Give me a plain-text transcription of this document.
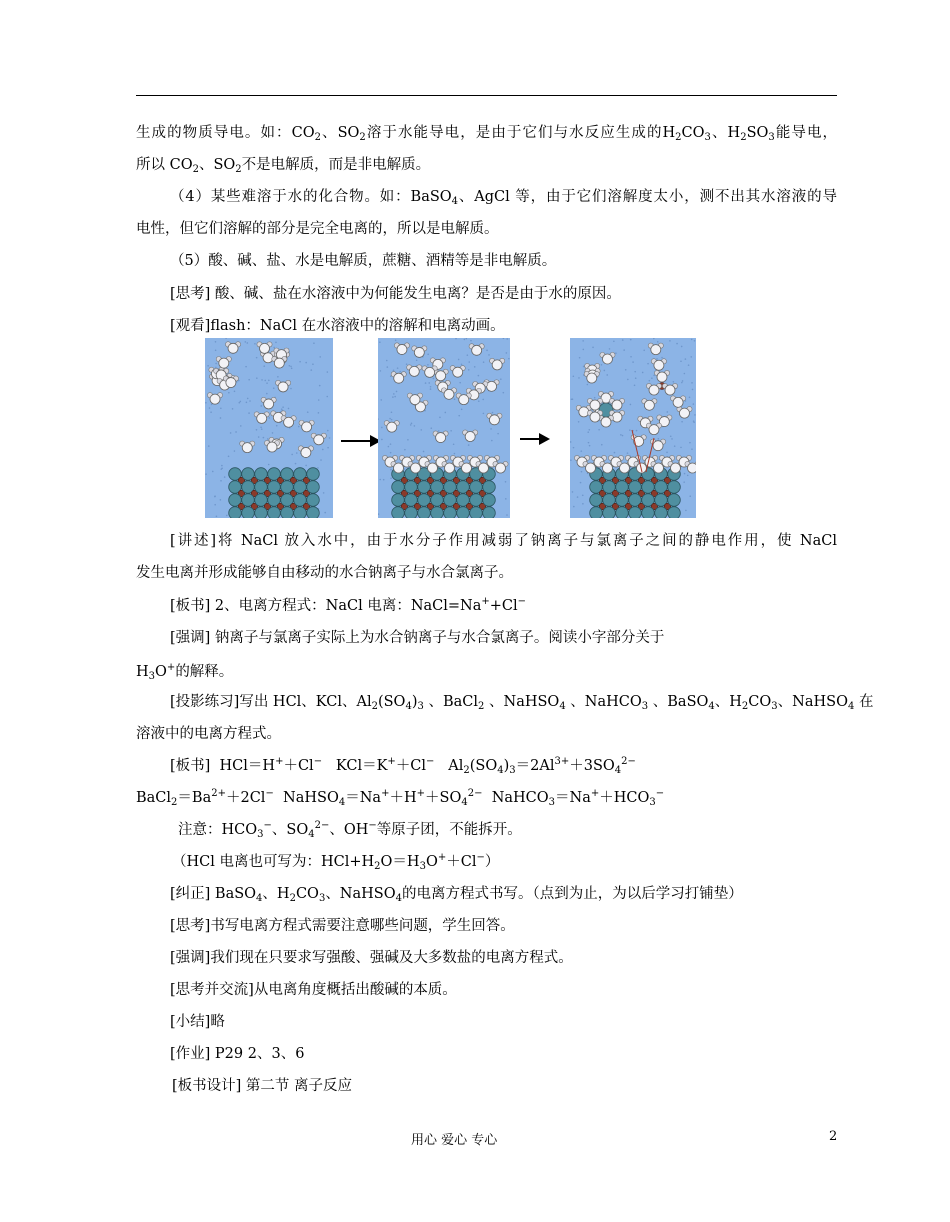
生成的物质导电。如：$CO_2$、$SO_2$溶于水能导电，是由于它们与水反应生成的$H_2CO_3$、$H_2SO_3$能导电，
所以 $CO_2$、$SO_2$不是电解质，而是非电解质。
（4）某些难溶于水的化合物。如：BaSO$_4$、AgCl 等，由于它们溶解度太小，测不出其水溶液的导
电性，但它们溶解的部分是完全电离的，所以是电解质。
（5）酸、碱、盐、水是电解质，蔗糖、酒精等是非电解质。
[思考] 酸、碱、盐在水溶液中为何能发生电离？是否是由于水的原因。
[观看]flash：NaCl 在水溶液中的溶解和电离动画。
[讲述]将 NaCl 放入水中，由于水分子作用减弱了钠离子与氯离子之间的静电作用，使 NaCl
发生电离并形成能够自由移动的水合钠离子与水合氯离子。
[板书] 2、电离方程式：NaCl 电离：NaCl=Na++Cl−
[强调] 钠离子与氯离子实际上为水合钠离子与水合氯离子。阅读小字部分关于
$H_3O^+$的解释。
[投影练习]写出 HCl、KCl、$Al_2(SO_4)_3$ 、BaCl$_2$ 、NaHSO$_4$ 、NaHCO$_3$ 、BaSO$_4$、$H_2CO_3$、NaHSO$_4$ 在
溶液中的电离方程式。
[板书]  HCl＝H+＋Cl−   KCl＝K+＋Cl−   $Al_2(SO_4)_3=2Al^{3+}+3SO_4^{2-}$
$BaCl_2=Ba^{2+}+2Cl^-$  $NaHSO_4=Na^++H^++SO_4^{2-}$  $NaHCO_3=Na^++HCO_3^-$
注意：$HCO_3^-$、$SO_4^{2-}$、OH−等原子团，不能拆开。
（HCl 电离也可写为：$HCl+H_2O=H_3O^++Cl^-$）
[纠正] BaSO$_4$、$H_2CO_3$、NaHSO$_4$的电离方程式书写。（点到为止，为以后学习打铺垫）
[思考]书写电离方程式需要注意哪些问题，学生回答。
[强调]我们现在只要求写强酸、强碱及大多数盐的电离方程式。
[思考并交流]从电离角度概括出酸碱的本质。
[小结]略
[作业] P29 2、3、6
[板书设计] 第二节 离子反应
用心 爱心 专心	2
